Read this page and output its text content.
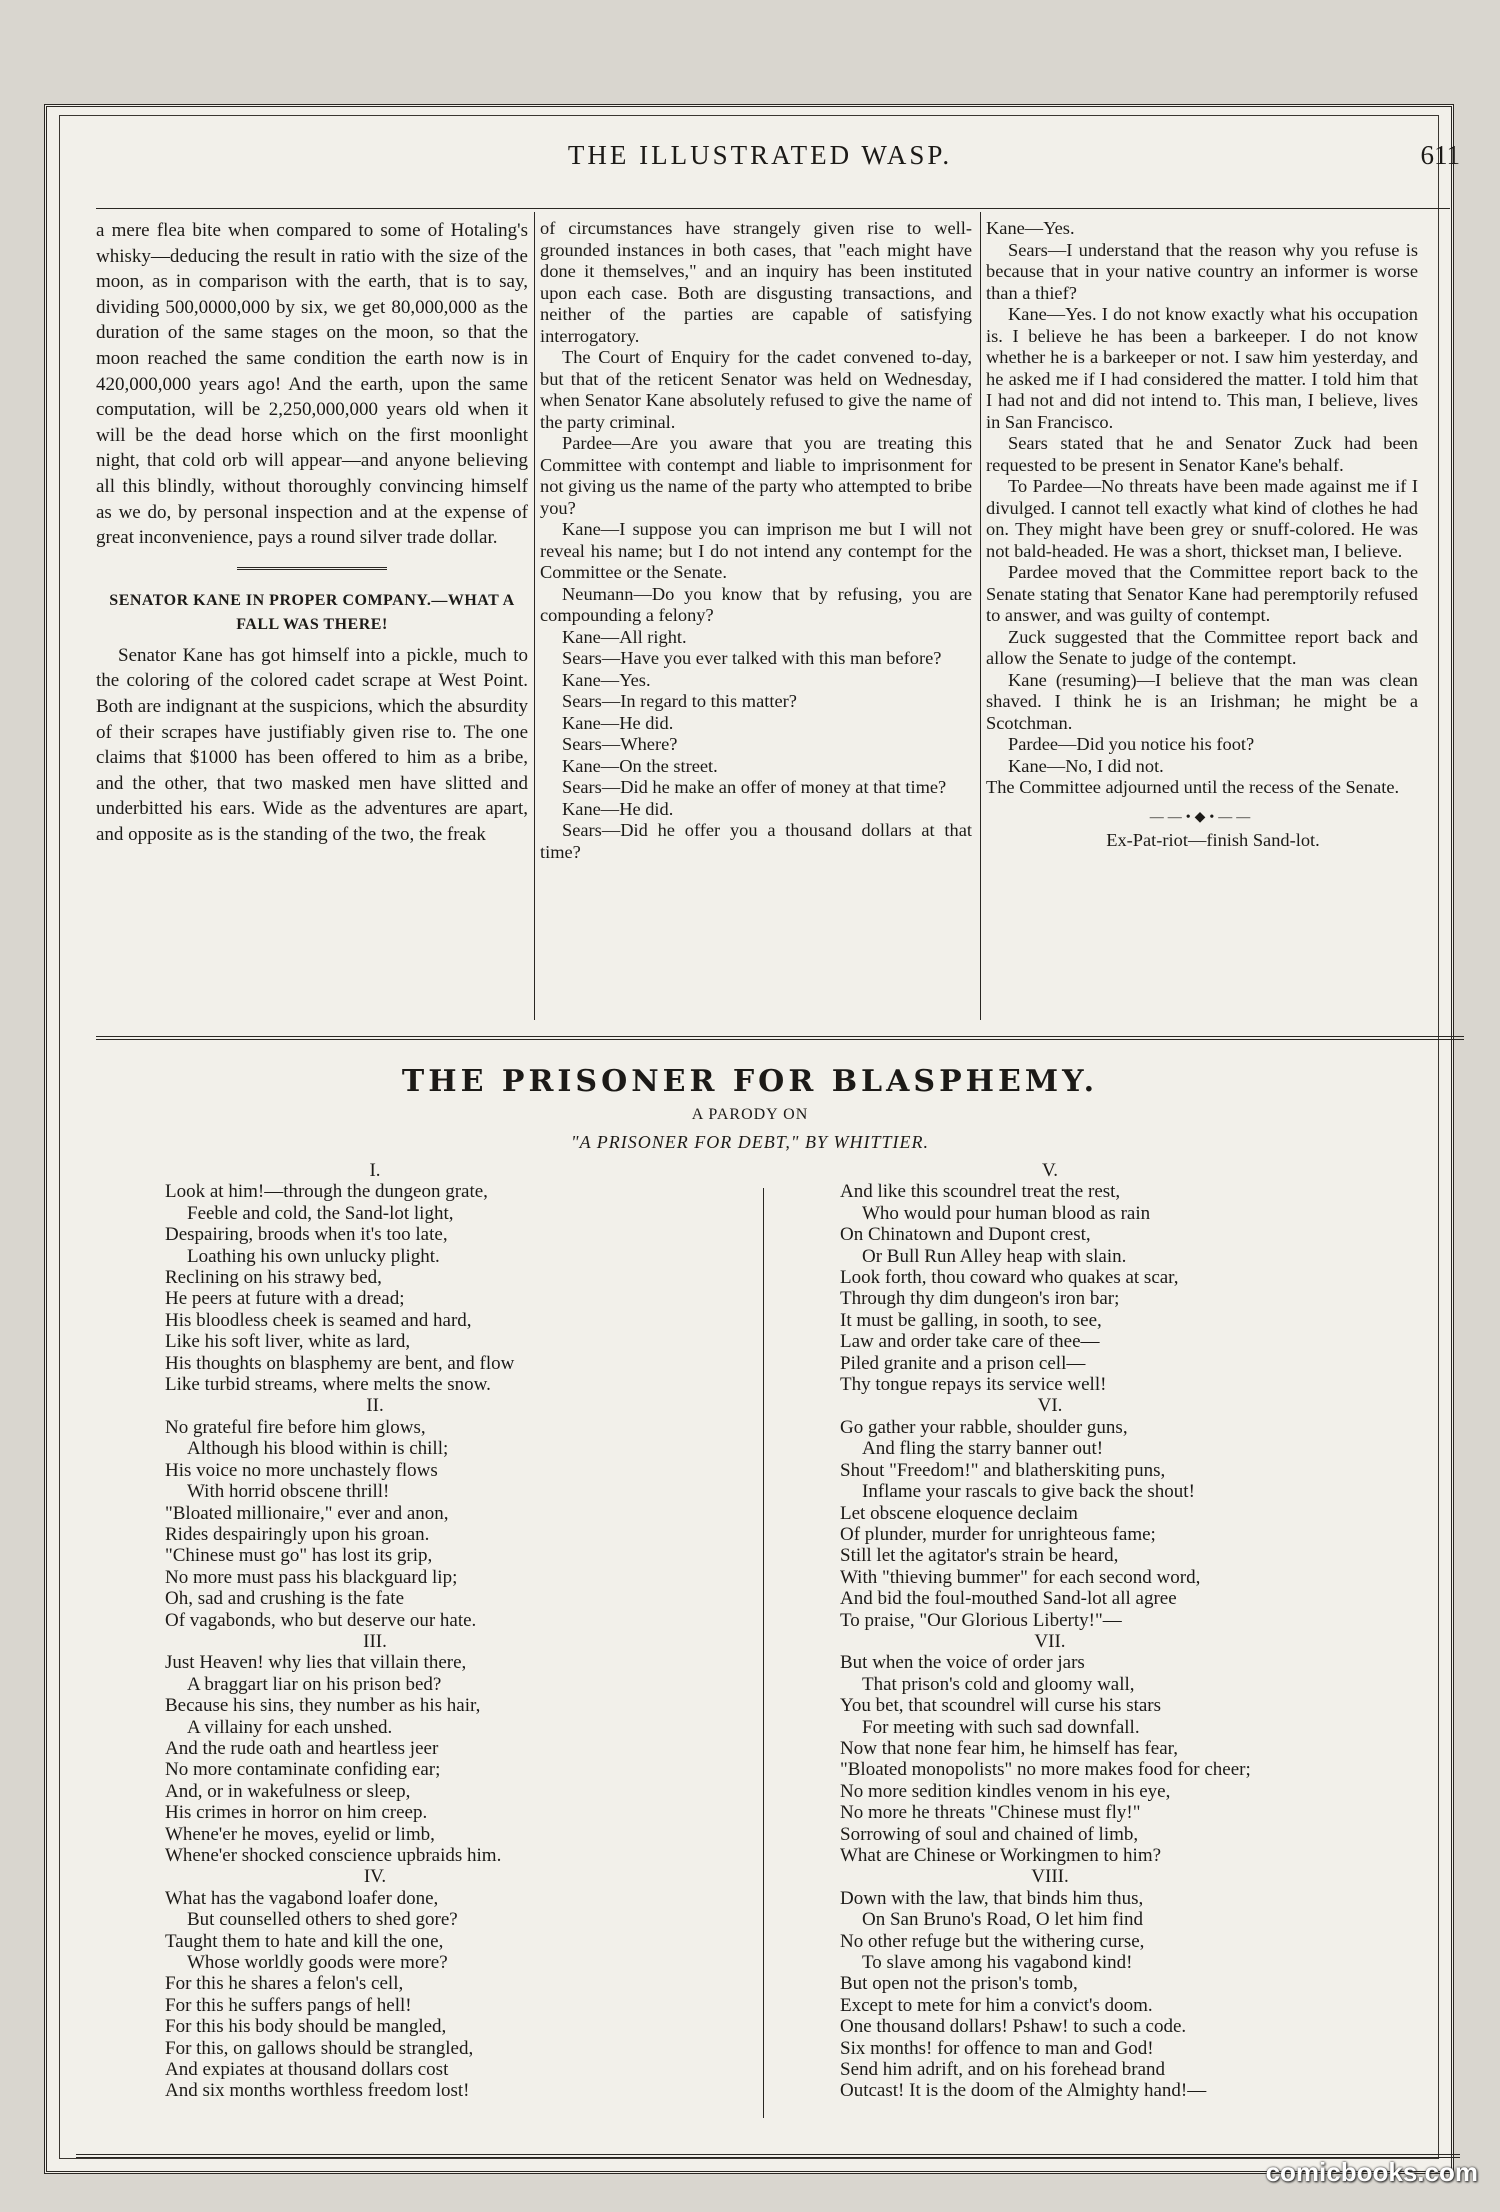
THE ILLUSTRATED WASP.	611

a mere flea bite when compared to some of Hotaling's whisky—deducing the result in ratio with the size of the moon, as in comparison with the earth, that is to say, dividing 500,0000,000 by six, we get 80,000,000 as the duration of the same stages on the moon, so that the moon reached the same condition the earth now is in 420,000,000 years ago! And the earth, upon the same computation, will be 2,250,000,000 years old when it will be the dead horse which on the first moonlight night, that cold orb will appear—and anyone believing all this blindly, without thoroughly convincing himself as we do, by personal inspection and at the expense of great inconvenience, pays a round silver trade dollar.

SENATOR KANE IN PROPER COMPANY.—WHAT A FALL WAS THERE!

Senator Kane has got himself into a pickle, much to the coloring of the colored cadet scrape at West Point. Both are indignant at the suspicions, which the absurdity of their scrapes have justifiably given rise to. The one claims that $1000 has been offered to him as a bribe, and the other, that two masked men have slitted and underbitted his ears. Wide as the adventures are apart, and opposite as is the standing of the two, the freak

of circumstances have strangely given rise to well-grounded instances in both cases, that "each might have done it themselves," and an inquiry has been instituted upon each case. Both are disgusting transactions, and neither of the parties are capable of satisfying interrogatory.

The Court of Enquiry for the cadet convened to-day, but that of the reticent Senator was held on Wednesday, when Senator Kane absolutely refused to give the name of the party criminal.

Pardee—Are you aware that you are treating this Committee with contempt and liable to imprisonment for not giving us the name of the party who attempted to bribe you?

Kane—I suppose you can imprison me but I will not reveal his name; but I do not intend any contempt for the Committee or the Senate.

Neumann—Do you know that by refusing, you are compounding a felony?

Kane—All right.

Sears—Have you ever talked with this man before?

Kane—Yes.

Sears—In regard to this matter?

Kane—He did.

Sears—Where?

Kane—On the street.

Sears—Did he make an offer of money at that time?

Kane—He did.

Sears—Did he offer you a thousand dollars at that time?

Kane—Yes.

Sears—I understand that the reason why you refuse is because that in your native country an informer is worse than a thief?

Kane—Yes. I do not know exactly what his occupation is. I believe he has been a barkeeper. I do not know whether he is a barkeeper or not. I saw him yesterday, and he asked me if I had considered the matter. I told him that I had not and did not intend to. This man, I believe, lives in San Francisco.

Sears stated that he and Senator Zuck had been requested to be present in Senator Kane's behalf.

To Pardee—No threats have been made against me if I divulged. I cannot tell exactly what kind of clothes he had on. They might have been grey or snuff-colored. He was not bald-headed. He was a short, thickset man, I believe.

Pardee moved that the Committee report back to the Senate stating that Senator Kane had peremptorily refused to answer, and was guilty of contempt.

Zuck suggested that the Committee report back and allow the Senate to judge of the contempt.

Kane (resuming)—I believe that the man was clean shaved. I think he is an Irishman; he might be a Scotchman.

Pardee—Did you notice his foot?

Kane—No, I did not.

The Committee adjourned until the recess of the Senate.

——•◆•——

Ex-Pat-riot—finish Sand-lot.

THE PRISONER FOR BLASPHEMY.
A PARODY ON
"A PRISONER FOR DEBT," BY WHITTIER.
I.
Look at him!—through the dungeon grate,
Feeble and cold, the Sand-lot light,
Despairing, broods when it's too late,
Loathing his own unlucky plight.
Reclining on his strawy bed,
He peers at future with a dread;
His bloodless cheek is seamed and hard,
Like his soft liver, white as lard,
His thoughts on blasphemy are bent, and flow
Like turbid streams, where melts the snow.
II.
No grateful fire before him glows,
Although his blood within is chill;
His voice no more unchastely flows
With horrid obscene thrill!
"Bloated millionaire," ever and anon,
Rides despairingly upon his groan.
"Chinese must go" has lost its grip,
No more must pass his blackguard lip;
Oh, sad and crushing is the fate
Of vagabonds, who but deserve our hate.
III.
Just Heaven! why lies that villain there,
A braggart liar on his prison bed?
Because his sins, they number as his hair,
A villainy for each unshed.
And the rude oath and heartless jeer
No more contaminate confiding ear;
And, or in wakefulness or sleep,
His crimes in horror on him creep.
Whene'er he moves, eyelid or limb,
Whene'er shocked conscience upbraids him.
IV.
What has the vagabond loafer done,
But counselled others to shed gore?
Taught them to hate and kill the one,
Whose worldly goods were more?
For this he shares a felon's cell,
For this he suffers pangs of hell!
For this his body should be mangled,
For this, on gallows should be strangled,
And expiates at thousand dollars cost
And six months worthless freedom lost!
V.
And like this scoundrel treat the rest,
Who would pour human blood as rain
On Chinatown and Dupont crest,
Or Bull Run Alley heap with slain.
Look forth, thou coward who quakes at scar,
Through thy dim dungeon's iron bar;
It must be galling, in sooth, to see,
Law and order take care of thee—
Piled granite and a prison cell—
Thy tongue repays its service well!
VI.
Go gather your rabble, shoulder guns,
And fling the starry banner out!
Shout "Freedom!" and blatherskiting puns,
Inflame your rascals to give back the shout!
Let obscene eloquence declaim
Of plunder, murder for unrighteous fame;
Still let the agitator's strain be heard,
With "thieving bummer" for each second word,
And bid the foul-mouthed Sand-lot all agree
To praise, "Our Glorious Liberty!"—
VII.
But when the voice of order jars
That prison's cold and gloomy wall,
You bet, that scoundrel will curse his stars
For meeting with such sad downfall.
Now that none fear him, he himself has fear,
"Bloated monopolists" no more makes food for cheer;
No more sedition kindles venom in his eye,
No more he threats "Chinese must fly!"
Sorrowing of soul and chained of limb,
What are Chinese or Workingmen to him?
VIII.
Down with the law, that binds him thus,
On San Bruno's Road, O let him find
No other refuge but the withering curse,
To slave among his vagabond kind!
But open not the prison's tomb,
Except to mete for him a convict's doom.
One thousand dollars! Pshaw! to such a code.
Six months! for offence to man and God!
Send him adrift, and on his forehead brand
Outcast! It is the doom of the Almighty hand!—
comicbooks.com
